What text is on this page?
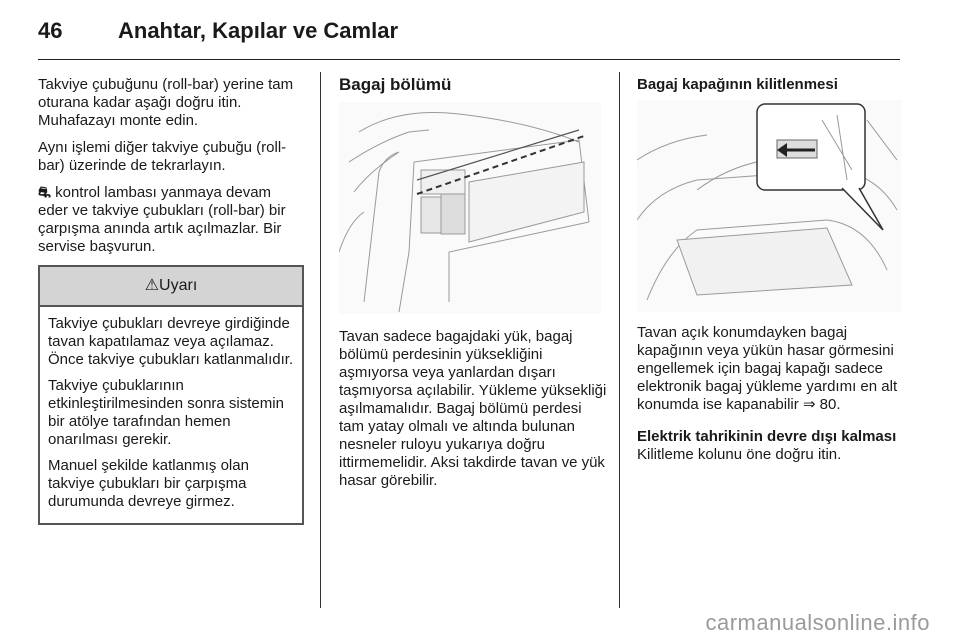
46	Anahtar, Kapılar ve Camlar

Takviye çubuğunu (roll-bar) yerine tam oturana kadar aşağı doğru itin. Muhafazayı monte edin.

Aynı işlemi diğer takviye çubuğu (roll-bar) üzerinde de tekrarlayın.

⛐ kontrol lambası yanmaya devam eder ve takviye çubukları (roll-bar) bir çarpışma anında artık açılmazlar. Bir servise başvurun.

⚠ Uyarı

Takviye çubukları devreye girdiğinde tavan kapatılamaz veya açılamaz. Önce takviye çubukları katlanmalıdır.

Takviye çubuklarının etkinleştirilmesinden sonra sistemin bir atölye tarafından hemen onarılması gerekir.

Manuel şekilde katlanmış olan takviye çubukları bir çarpışma durumunda devreye girmez.

Bagaj bölümü

Tavan sadece bagajdaki yük, bagaj bölümü perdesinin yüksekliğini aşmıyorsa veya yanlardan dışarı taşmıyorsa açılabilir. Yükleme yüksekliği aşılmamalıdır. Bagaj bölümü perdesi tam yatay olmalı ve altında bulunan nesneler ruloyu yukarıya doğru ittirmemelidir. Aksi takdirde tavan ve yük hasar görebilir.

Bagaj kapağının kilitlenmesi

Tavan açık konumdayken bagaj kapağının veya yükün hasar görmesini engellemek için bagaj kapağı sadece elektronik bagaj yükleme yardımı en alt konumda ise kapanabilir ⇒ 80.

Elektrik tahrikinin devre dışı kalması

Kilitleme kolunu öne doğru itin.

carmanualsonline.info
